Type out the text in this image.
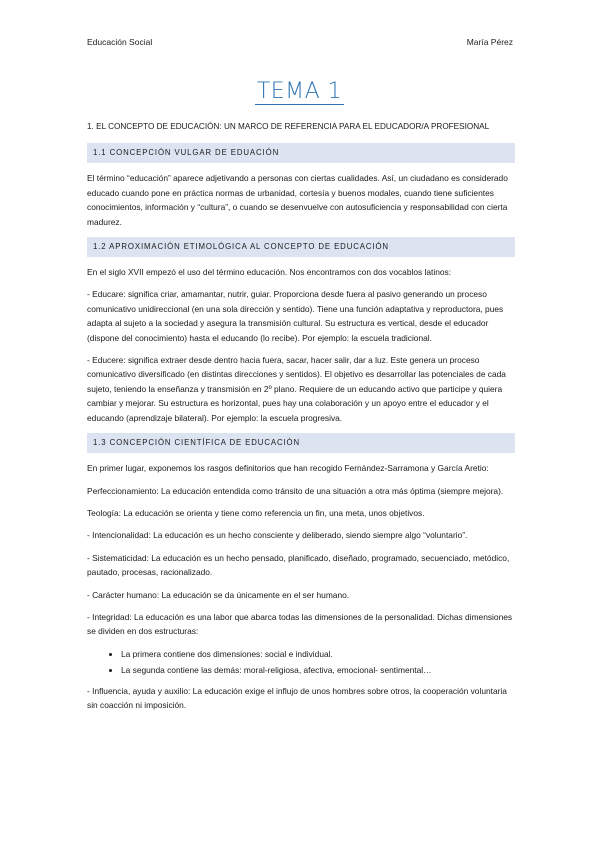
Educación Social	María Pérez
TEMA 1
1. EL CONCEPTO DE EDUCACIÓN: UN MARCO DE REFERENCIA PARA EL EDUCADOR/A PROFESIONAL
1.1 CONCEPCIÓN VULGAR DE EDUACIÓN

El término “educación” aparece adjetivando a personas con ciertas cualidades. Así, un ciudadano es considerado educado cuando pone en práctica normas de urbanidad, cortesía y buenos modales, cuando tiene suficientes conocimientos, información y “cultura”, o cuando se desenvuelve con autosuficiencia y responsabilidad con cierta madurez.

1.2 APROXIMACIÓN ETIMOLÓGICA AL CONCEPTO DE EDUCACIÓN

En el siglo XVII empezó el uso del término educación. Nos encontramos con dos vocablos latinos:

- Educare: significa criar, amamantar, nutrir, guiar. Proporciona desde fuera al pasivo generando un proceso comunicativo unidireccional (en una sola dirección y sentido). Tiene una función adaptativa y reproductora, pues adapta al sujeto a la sociedad y asegura la transmisión cultural. Su estructura es vertical, desde el educador (dispone del conocimiento) hasta el educando (lo recibe). Por ejemplo: la escuela tradicional.

- Educere: significa extraer desde dentro hacia fuera, sacar, hacer salir, dar a luz. Este genera un proceso comunicativo diversificado (en distintas direcciones y sentidos). El objetivo es desarrollar las potenciales de cada sujeto, teniendo la enseñanza y transmisión en 2º plano. Requiere de un educando activo que participe y quiera cambiar y mejorar. Su estructura es horizontal, pues hay una colaboración y un apoyo entre el educador y el educando (aprendizaje bilateral). Por ejemplo: la escuela progresiva.

1.3 CONCEPCIÓN CIENTÍFICA DE EDUCACIÓN

En primer lugar, exponemos los rasgos definitorios que han recogido Fernández-Sarramona y García Aretio:

Perfeccionamiento: La educación entendida como tránsito de una situación a otra más óptima (siempre mejora).

Teología: La educación se orienta y tiene como referencia un fin, una meta, unos objetivos.

- Intencionalidad: La educación es un hecho consciente y deliberado, siendo siempre algo “voluntario”.

- Sistematicidad: La educación es un hecho pensado, planificado, diseñado, programado, secuenciado, metódico, pautado, procesas, racionalizado.

- Carácter humano: La educación se da únicamente en el ser humano.

- Integridad: La educación es una labor que abarca todas las dimensiones de la personalidad. Dichas dimensiones se dividen en dos estructuras:

• La primera contiene dos dimensiones: social e individual.
• La segunda contiene las demás: moral-religiosa, afectiva, emocional- sentimental…

- Influencia, ayuda y auxilio: La educación exige el influjo de unos hombres sobre otros, la cooperación voluntaria sin coacción ni imposición.
